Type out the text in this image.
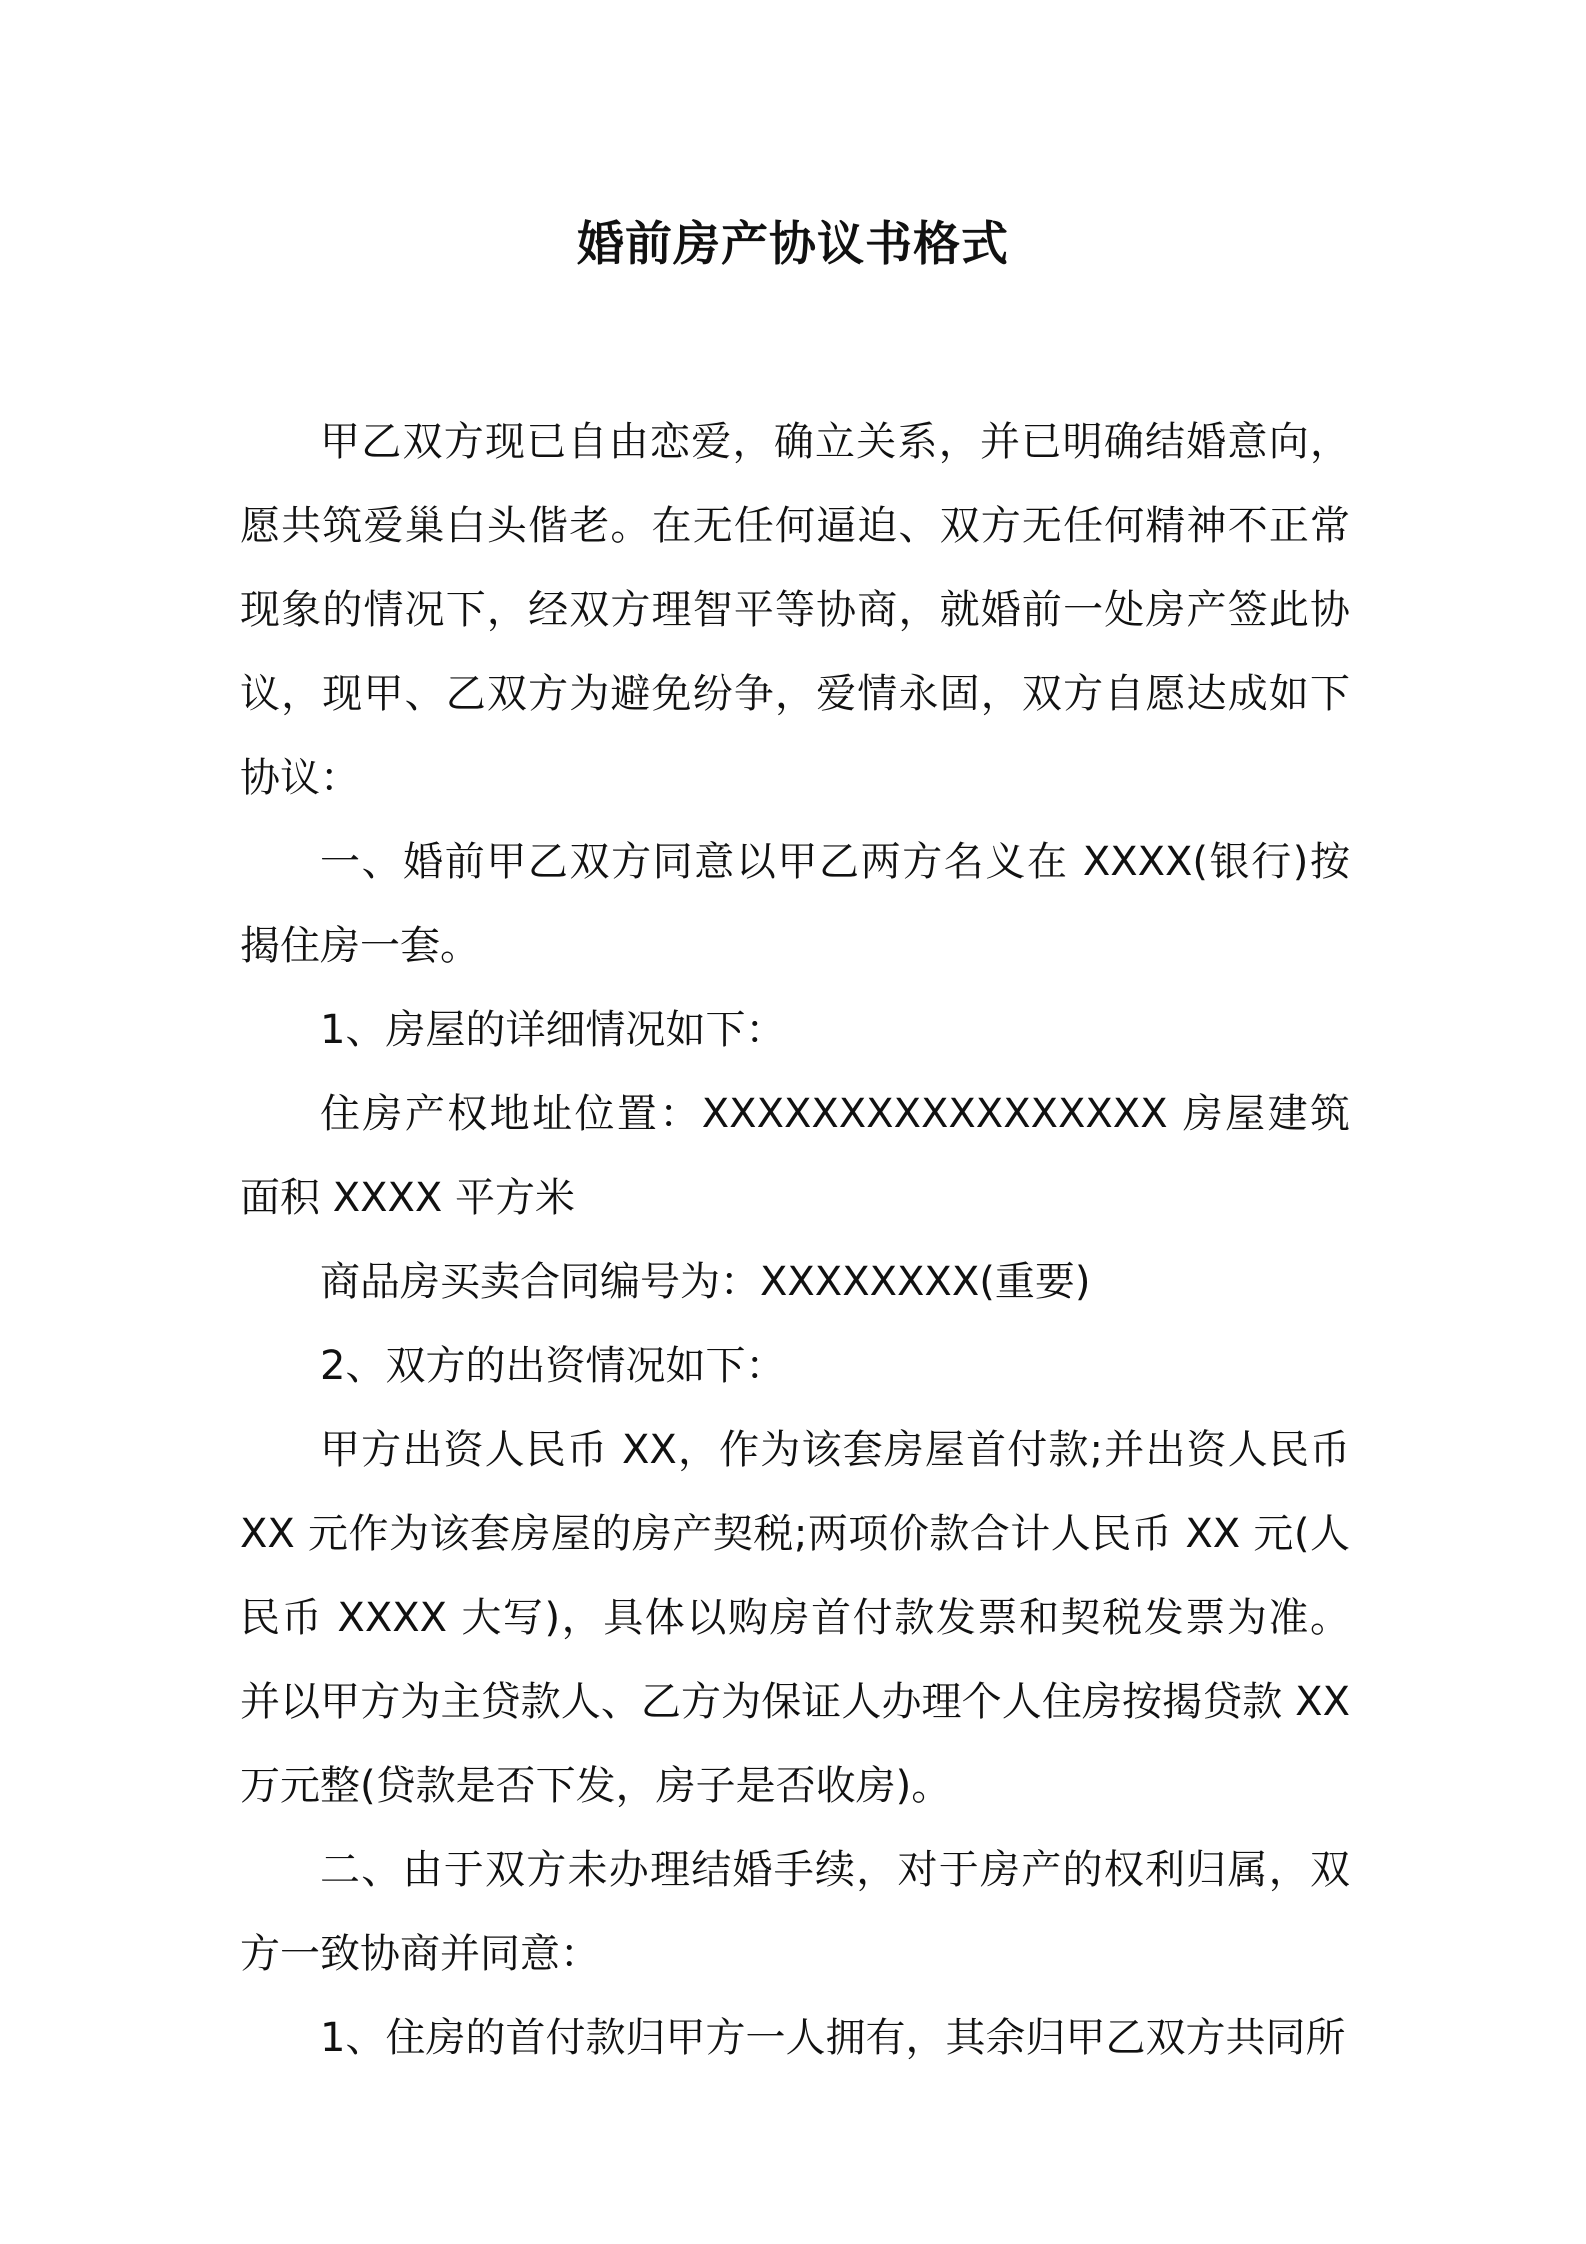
婚前房产协议书格式

甲乙双方现已自由恋爱，确立关系，并已明确结婚意向，愿共筑爱巢白头偕老。在无任何逼迫、双方无任何精神不正常现象的情况下，经双方理智平等协商，就婚前一处房产签此协议，现甲、乙双方为避免纷争，爱情永固，双方自愿达成如下协议：

一、婚前甲乙双方同意以甲乙两方名义在 XXXX(银行)按揭住房一套。

1、房屋的详细情况如下：

住房产权地址位置：XXXXXXXXXXXXXXXXX 房屋建筑面积 XXXX 平方米

商品房买卖合同编号为：XXXXXXXX(重要)

2、双方的出资情况如下：

甲方出资人民币 XX，作为该套房屋首付款;并出资人民币 XX 元作为该套房屋的房产契税;两项价款合计人民币 XX 元(人民币 XXXX 大写)，具体以购房首付款发票和契税发票为准。并以甲方为主贷款人、乙方为保证人办理个人住房按揭贷款 XX 万元整(贷款是否下发，房子是否收房)。

二、由于双方未办理结婚手续，对于房产的权利归属，双方一致协商并同意：

1、住房的首付款归甲方一人拥有，其余归甲乙双方共同所
